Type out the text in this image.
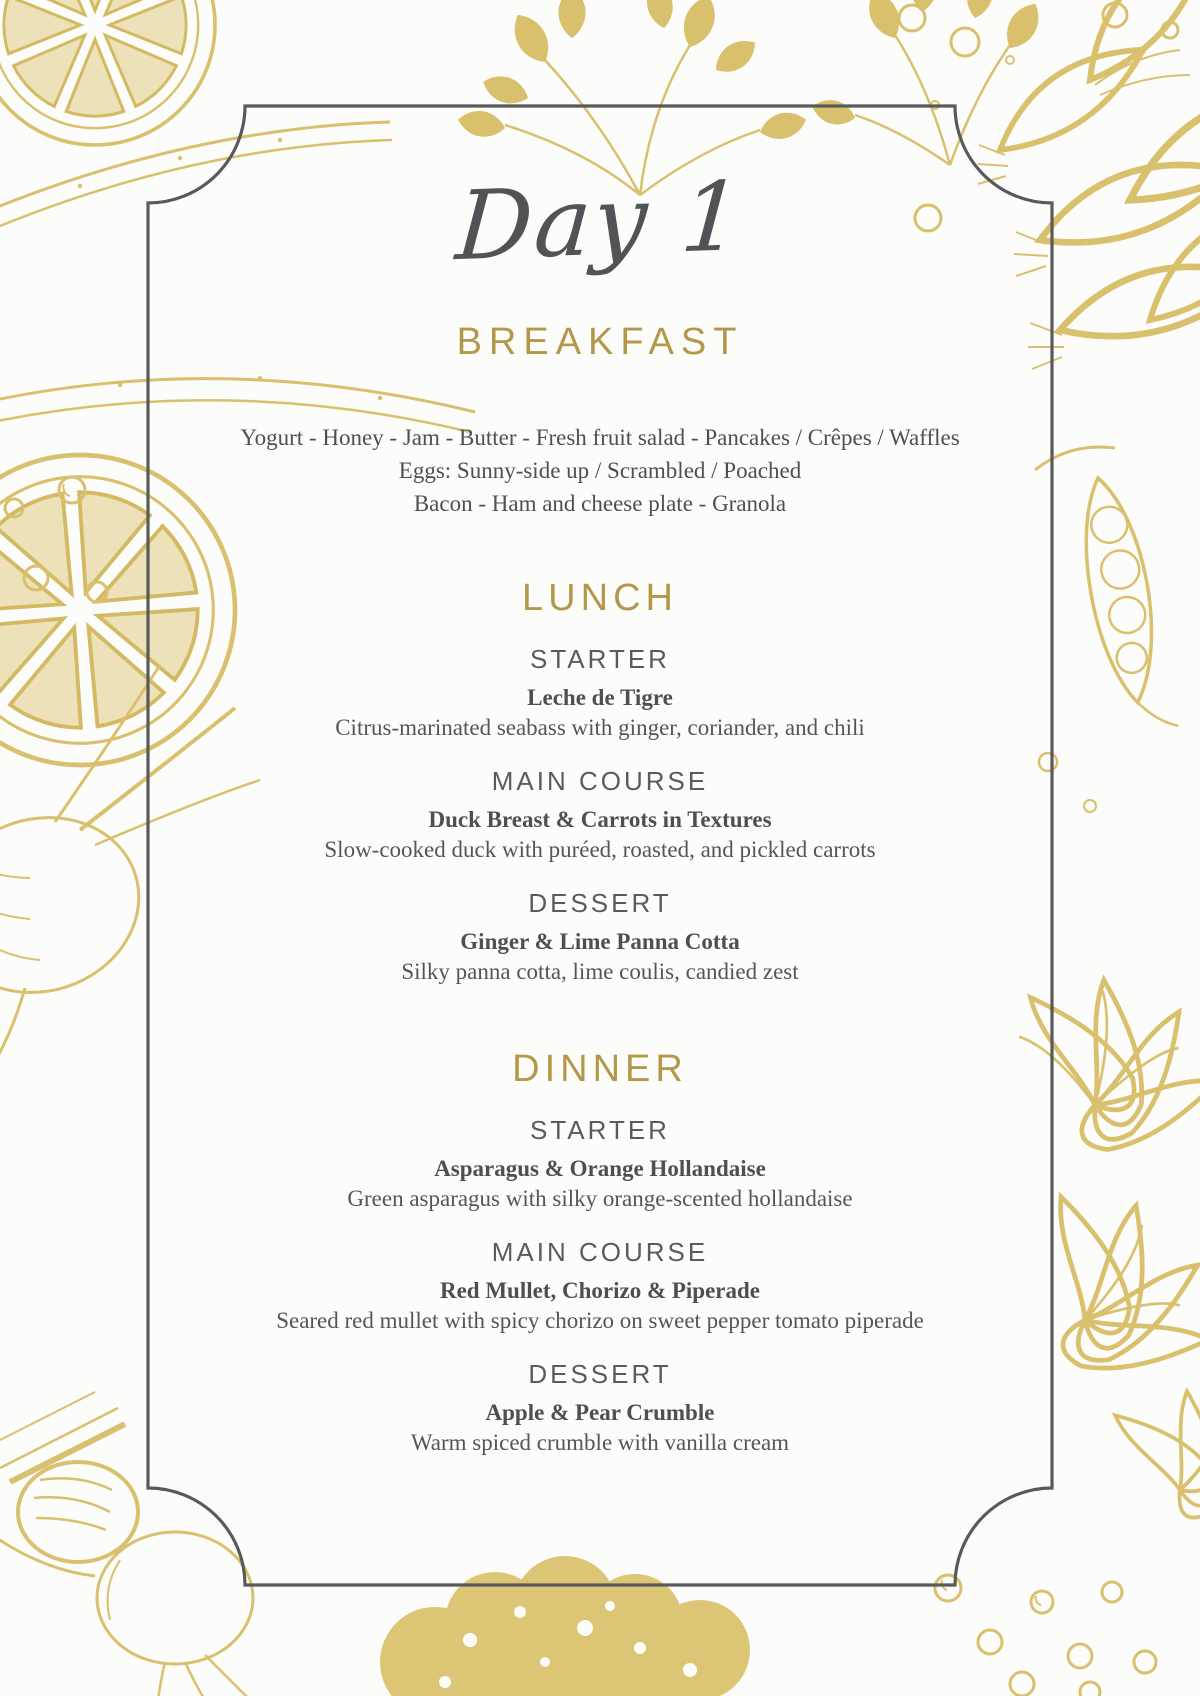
Day 1
BREAKFAST
Yogurt - Honey - Jam - Butter - Fresh fruit salad - Pancakes / Crêpes / Waffles
Eggs: Sunny-side up / Scrambled / Poached
Bacon - Ham and cheese plate - Granola
LUNCH
STARTER
Leche de Tigre
Citrus-marinated seabass with ginger, coriander, and chili
MAIN COURSE
Duck Breast & Carrots in Textures
Slow-cooked duck with puréed, roasted, and pickled carrots
DESSERT
Ginger & Lime Panna Cotta
Silky panna cotta, lime coulis, candied zest
DINNER
STARTER
Asparagus & Orange Hollandaise
Green asparagus with silky orange-scented hollandaise
MAIN COURSE
Red Mullet, Chorizo & Piperade
Seared red mullet with spicy chorizo on sweet pepper tomato piperade
DESSERT
Apple & Pear Crumble
Warm spiced crumble with vanilla cream
